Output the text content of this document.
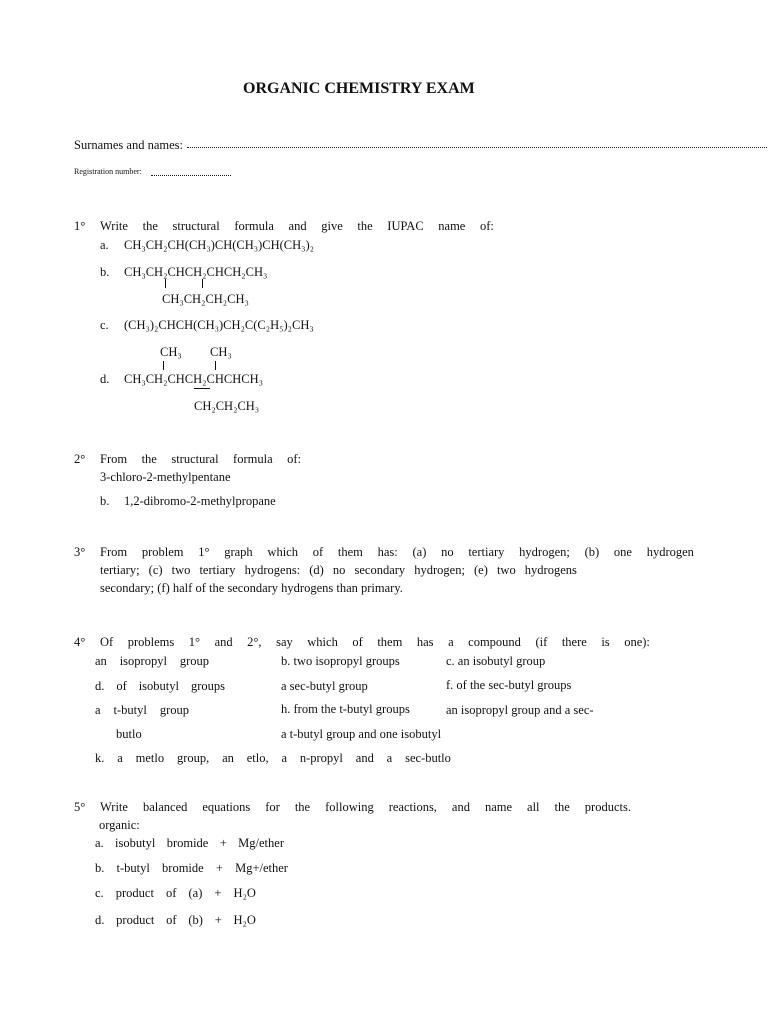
ORGANIC CHEMISTRY EXAM
Surnames and names:
Registration number:
1° Write the structural formula and give the IUPAC name of:
a. CH₃CH₂CH(CH₃)CH(CH₃)CH(CH₃)₂
b. CH₃CH₂CHCH₂CHCH₂CH₃
CH₃CH₂CH₂CH₃
c. (CH₃)₂CHCH(CH₃)CH₂C(C₂H₅)₂CH₃
CH₃ CH₃
d. CH₃CH₂CHCH₂CHCHCH₃
CH₂CH₂CH₃
2° From the structural formula of:
3-chloro-2-methylpentane
b. 1,2-dibromo-2-methylpropane
3° From problem 1° graph which of them has: (a) no tertiary hydrogen; (b) one hydrogen
tertiary; (c) two tertiary hydrogens: (d) no secondary hydrogen; (e) two hydrogens
secondary; (f) half of the secondary hydrogens than primary.
4° Of problems 1° and 2°, say which of them has a compound (if there is one):
an isopropyl group	b. two isopropyl groups	c. an isobutyl group
d. of isobutyl groups	a sec-butyl group	f. of the sec-butyl groups
a t-butyl group	h. from the t-butyl groups	an isopropyl group and a sec-
butlo	a t-butyl group and one isobutyl
k. a metlo group, an etlo, a n-propyl and a sec-butlo
5° Write balanced equations for the following reactions, and name all the products.
organic:
a. isobutyl bromide + Mg/ether
b. t-butyl bromide + Mg+/ether
c. product of (a) + H₂O
d. product of (b) + H₂O
